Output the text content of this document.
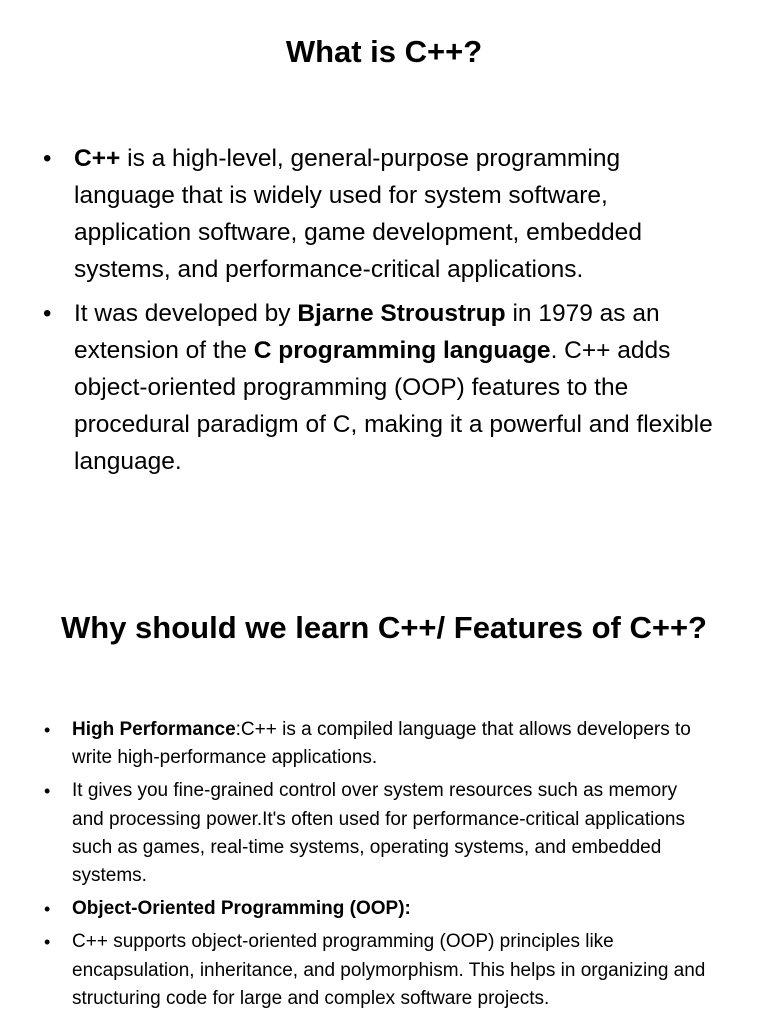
What is C++?
• C++ is a high-level, general-purpose programming language that is widely used for system software, application software, game development, embedded systems, and performance-critical applications.
• It was developed by Bjarne Stroustrup in 1979 as an extension of the C programming language. C++ adds object-oriented programming (OOP) features to the procedural paradigm of C, making it a powerful and flexible language.
Why should we learn C++/ Features of C++?
• High Performance:C++ is a compiled language that allows developers to write high-performance applications.
• It gives you fine-grained control over system resources such as memory and processing power.It's often used for performance-critical applications such as games, real-time systems, operating systems, and embedded systems.
• Object-Oriented Programming (OOP):
• C++ supports object-oriented programming (OOP) principles like encapsulation, inheritance, and polymorphism. This helps in organizing and structuring code for large and complex software projects.
